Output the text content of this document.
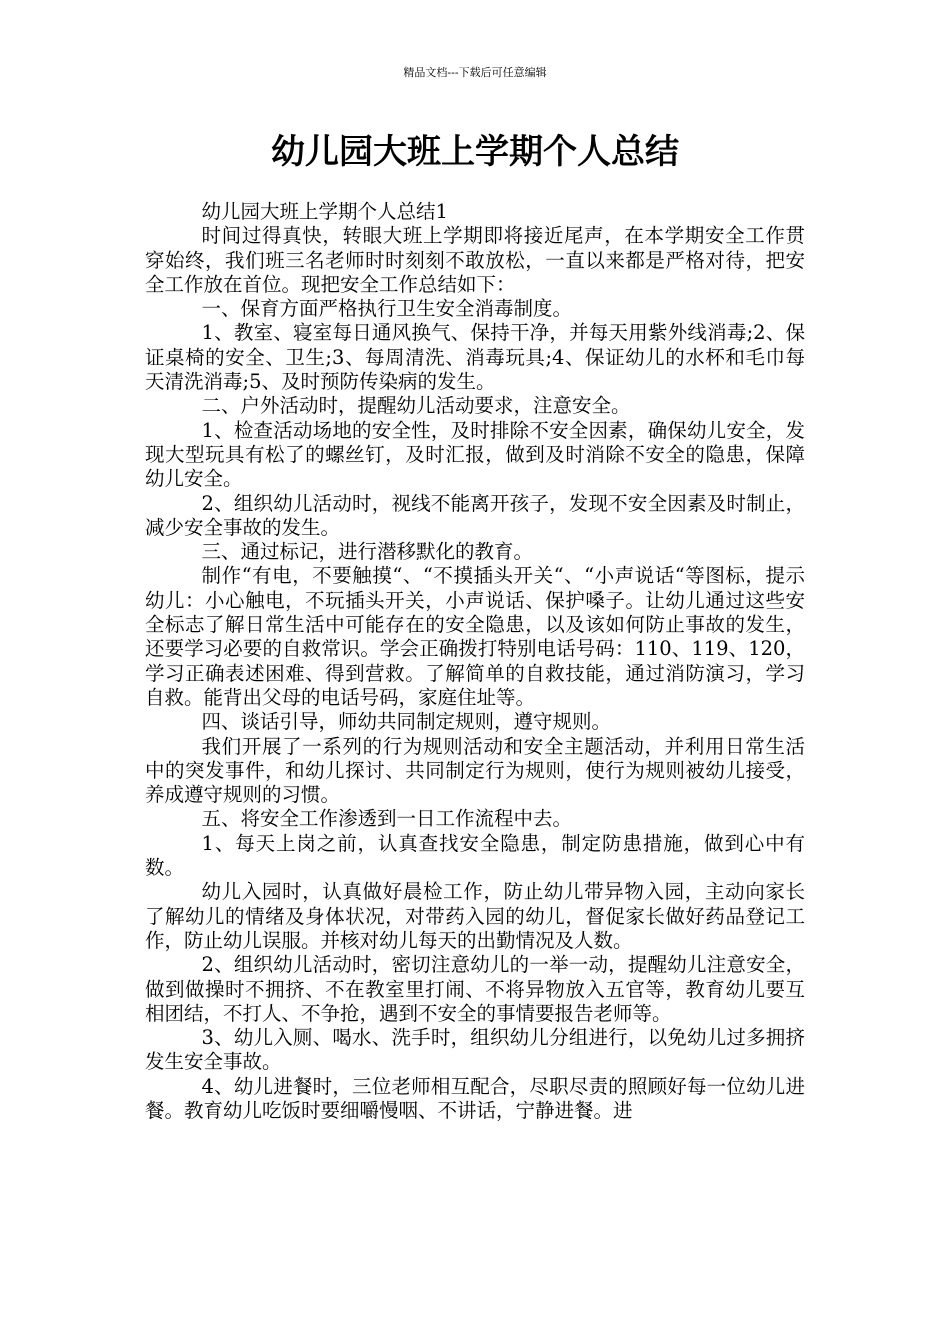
精品文档---下载后可任意编辑
幼儿园大班上学期个人总结

幼儿园大班上学期个人总结1

时间过得真快，转眼大班上学期即将接近尾声，在本学期安全工作贯穿始终，我们班三名老师时时刻刻不敢放松，一直以来都是严格对待，把安全工作放在首位。现把安全工作总结如下：

一、保育方面严格执行卫生安全消毒制度。

1、教室、寝室每日通风换气、保持干净，并每天用紫外线消毒;2、保证桌椅的安全、卫生;3、每周清洗、消毒玩具;4、保证幼儿的水杯和毛巾每天清洗消毒;5、及时预防传染病的发生。

二、户外活动时，提醒幼儿活动要求，注意安全。

1、检查活动场地的安全性，及时排除不安全因素，确保幼儿安全，发现大型玩具有松了的螺丝钉，及时汇报，做到及时消除不安全的隐患，保障幼儿安全。

2、组织幼儿活动时，视线不能离开孩子，发现不安全因素及时制止，减少安全事故的发生。

三、通过标记，进行潜移默化的教育。

制作“有电，不要触摸“、“不摸插头开关“、“小声说话“等图标，提示幼儿：小心触电，不玩插头开关，小声说话、保护嗓子。让幼儿通过这些安全标志了解日常生活中可能存在的安全隐患，以及该如何防止事故的发生，还要学习必要的自救常识。学会正确拨打特别电话号码：110、119、120，学习正确表述困难、得到营救。了解简单的自救技能，通过消防演习，学习自救。能背出父母的电话号码，家庭住址等。

四、谈话引导，师幼共同制定规则，遵守规则。

我们开展了一系列的行为规则活动和安全主题活动，并利用日常生活中的突发事件，和幼儿探讨、共同制定行为规则，使行为规则被幼儿接受，养成遵守规则的习惯。

五、将安全工作渗透到一日工作流程中去。

1、每天上岗之前，认真查找安全隐患，制定防患措施，做到心中有数。

幼儿入园时，认真做好晨检工作，防止幼儿带异物入园，主动向家长了解幼儿的情绪及身体状况，对带药入园的幼儿，督促家长做好药品登记工作，防止幼儿误服。并核对幼儿每天的出勤情况及人数。

2、组织幼儿活动时，密切注意幼儿的一举一动，提醒幼儿注意安全，做到做操时不拥挤、不在教室里打闹、不将异物放入五官等，教育幼儿要互相团结，不打人、不争抢，遇到不安全的事情要报告老师等。

3、幼儿入厕、喝水、洗手时，组织幼儿分组进行，以免幼儿过多拥挤发生安全事故。

4、幼儿进餐时，三位老师相互配合，尽职尽责的照顾好每一位幼儿进餐。教育幼儿吃饭时要细嚼慢咽、不讲话，宁静进餐。进
